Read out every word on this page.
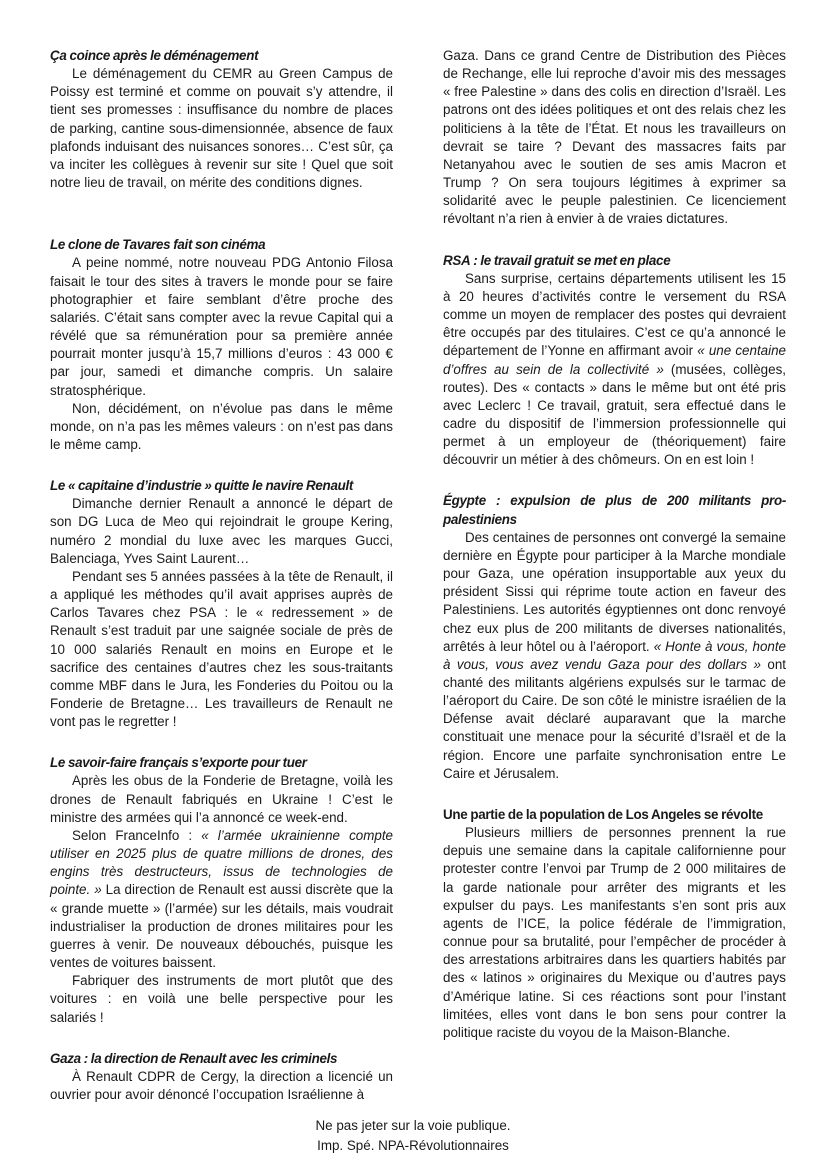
Ça coince après le déménagement

Le déménagement du CEMR au Green Campus de Poissy est terminé et comme on pouvait s’y attendre, il tient ses promesses : insuffisance du nombre de places de parking, cantine sous-dimensionnée, absence de faux plafonds induisant des nuisances sonores… C’est sûr, ça va inciter les collègues à revenir sur site ! Quel que soit notre lieu de travail, on mérite des conditions dignes.

Le clone de Tavares fait son cinéma

A peine nommé, notre nouveau PDG Antonio Filosa faisait le tour des sites à travers le monde pour se faire photographier et faire semblant d’être proche des salariés. C’était sans compter avec la revue Capital qui a révélé que sa rémunération pour sa première année pourrait monter jusqu’à 15,7 millions d’euros : 43 000 € par jour, samedi et dimanche compris. Un salaire stratosphérique.

Non, décidément, on n’évolue pas dans le même monde, on n’a pas les mêmes valeurs : on n’est pas dans le même camp.

Le « capitaine d’industrie » quitte le navire Renault

Dimanche dernier Renault a annoncé le départ de son DG Luca de Meo qui rejoindrait le groupe Kering, numéro 2 mondial du luxe avec les marques Gucci, Balenciaga, Yves Saint Laurent…

Pendant ses 5 années passées à la tête de Renault, il a appliqué les méthodes qu’il avait apprises auprès de Carlos Tavares chez PSA : le « redressement » de Renault s’est traduit par une saignée sociale de près de 10 000 salariés Renault en moins en Europe et le sacrifice des centaines d’autres chez les sous-traitants comme MBF dans le Jura, les Fonderies du Poitou ou la Fonderie de Bretagne… Les travailleurs de Renault ne vont pas le regretter !

Le savoir-faire français s’exporte pour tuer

Après les obus de la Fonderie de Bretagne, voilà les drones de Renault fabriqués en Ukraine ! C’est le ministre des armées qui l’a annoncé ce week-end.

Selon FranceInfo : « l’armée ukrainienne compte utiliser en 2025 plus de quatre millions de drones, des engins très destructeurs, issus de technologies de pointe. » La direction de Renault est aussi discrète que la « grande muette » (l’armée) sur les détails, mais voudrait industrialiser la production de drones militaires pour les guerres à venir. De nouveaux débouchés, puisque les ventes de voitures baissent.

Fabriquer des instruments de mort plutôt que des voitures : en voilà une belle perspective pour les salariés !

Gaza : la direction de Renault avec les criminels

À Renault CDPR de Cergy, la direction a licencié un ouvrier pour avoir dénoncé l’occupation Israélienne à

Gaza. Dans ce grand Centre de Distribution des Pièces de Rechange, elle lui reproche d’avoir mis des messages « free Palestine » dans des colis en direction d’Israël. Les patrons ont des idées politiques et ont des relais chez les politiciens à la tête de l’État. Et nous les travailleurs on devrait se taire ? Devant des massacres faits par Netanyahou avec le soutien de ses amis Macron et Trump ? On sera toujours légitimes à exprimer sa solidarité avec le peuple palestinien. Ce licenciement révoltant n’a rien à envier à de vraies dictatures.

RSA : le travail gratuit se met en place

Sans surprise, certains départements utilisent les 15 à 20 heures d’activités contre le versement du RSA comme un moyen de remplacer des postes qui devraient être occupés par des titulaires. C’est ce qu’a annoncé le département de l’Yonne en affirmant avoir « une centaine d’offres au sein de la collectivité » (musées, collèges, routes). Des « contacts » dans le même but ont été pris avec Leclerc ! Ce travail, gratuit, sera effectué dans le cadre du dispositif de l’immersion professionnelle qui permet à un employeur de (théoriquement) faire découvrir un métier à des chômeurs. On en est loin !

Égypte : expulsion de plus de 200 militants pro-palestiniens

Des centaines de personnes ont convergé la semaine dernière en Égypte pour participer à la Marche mondiale pour Gaza, une opération insupportable aux yeux du président Sissi qui réprime toute action en faveur des Palestiniens. Les autorités égyptiennes ont donc renvoyé chez eux plus de 200 militants de diverses nationalités, arrêtés à leur hôtel ou à l’aéroport. « Honte à vous, honte à vous, vous avez vendu Gaza pour des dollars » ont chanté des militants algériens expulsés sur le tarmac de l’aéroport du Caire. De son côté le ministre israélien de la Défense avait déclaré auparavant que la marche constituait une menace pour la sécurité d’Israël et de la région. Encore une parfaite synchronisation entre Le Caire et Jérusalem.

Une partie de la population de Los Angeles se révolte

Plusieurs milliers de personnes prennent la rue depuis une semaine dans la capitale californienne pour protester contre l’envoi par Trump de 2 000 militaires de la garde nationale pour arrêter des migrants et les expulser du pays. Les manifestants s’en sont pris aux agents de l’ICE, la police fédérale de l’immigration, connue pour sa brutalité, pour l’empêcher de procéder à des arrestations arbitraires dans les quartiers habités par des « latinos » originaires du Mexique ou d’autres pays d’Amérique latine. Si ces réactions sont pour l’instant limitées, elles vont dans le bon sens pour contrer la politique raciste du voyou de la Maison-Blanche.

Ne pas jeter sur la voie publique.

Imp. Spé. NPA-Révolutionnaires
